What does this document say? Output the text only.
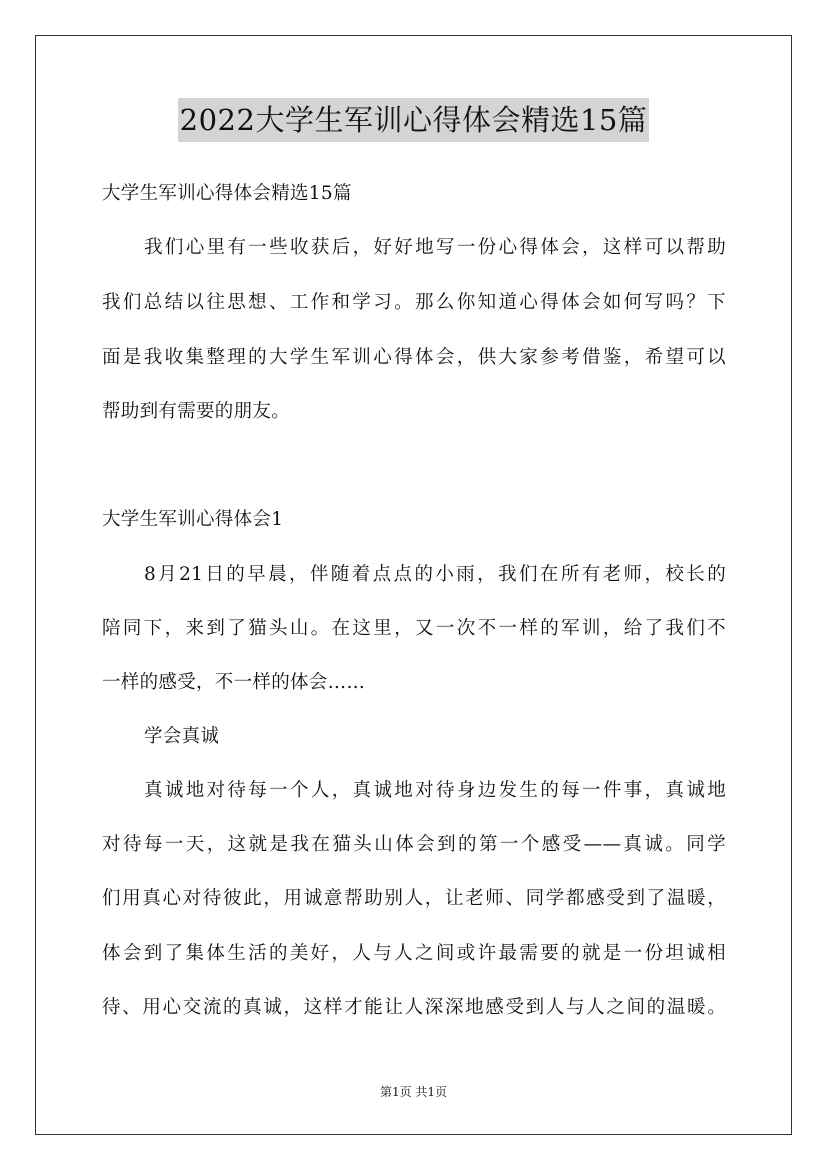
2022大学生军训心得体会精选15篇
大学生军训心得体会精选15篇
我们心里有一些收获后，好好地写一份心得体会，这样可以帮助
我们总结以往思想、工作和学习。那么你知道心得体会如何写吗？下
面是我收集整理的大学生军训心得体会，供大家参考借鉴，希望可以
帮助到有需要的朋友。
大学生军训心得体会1
8月21日的早晨，伴随着点点的小雨，我们在所有老师，校长的
陪同下，来到了猫头山。在这里，又一次不一样的军训，给了我们不
一样的感受，不一样的体会……
学会真诚
真诚地对待每一个人，真诚地对待身边发生的每一件事，真诚地
对待每一天，这就是我在猫头山体会到的第一个感受——真诚。同学
们用真心对待彼此，用诚意帮助别人，让老师、同学都感受到了温暖，
体会到了集体生活的美好，人与人之间或许最需要的就是一份坦诚相
待、用心交流的真诚，这样才能让人深深地感受到人与人之间的温暖。
第1页 共1页
